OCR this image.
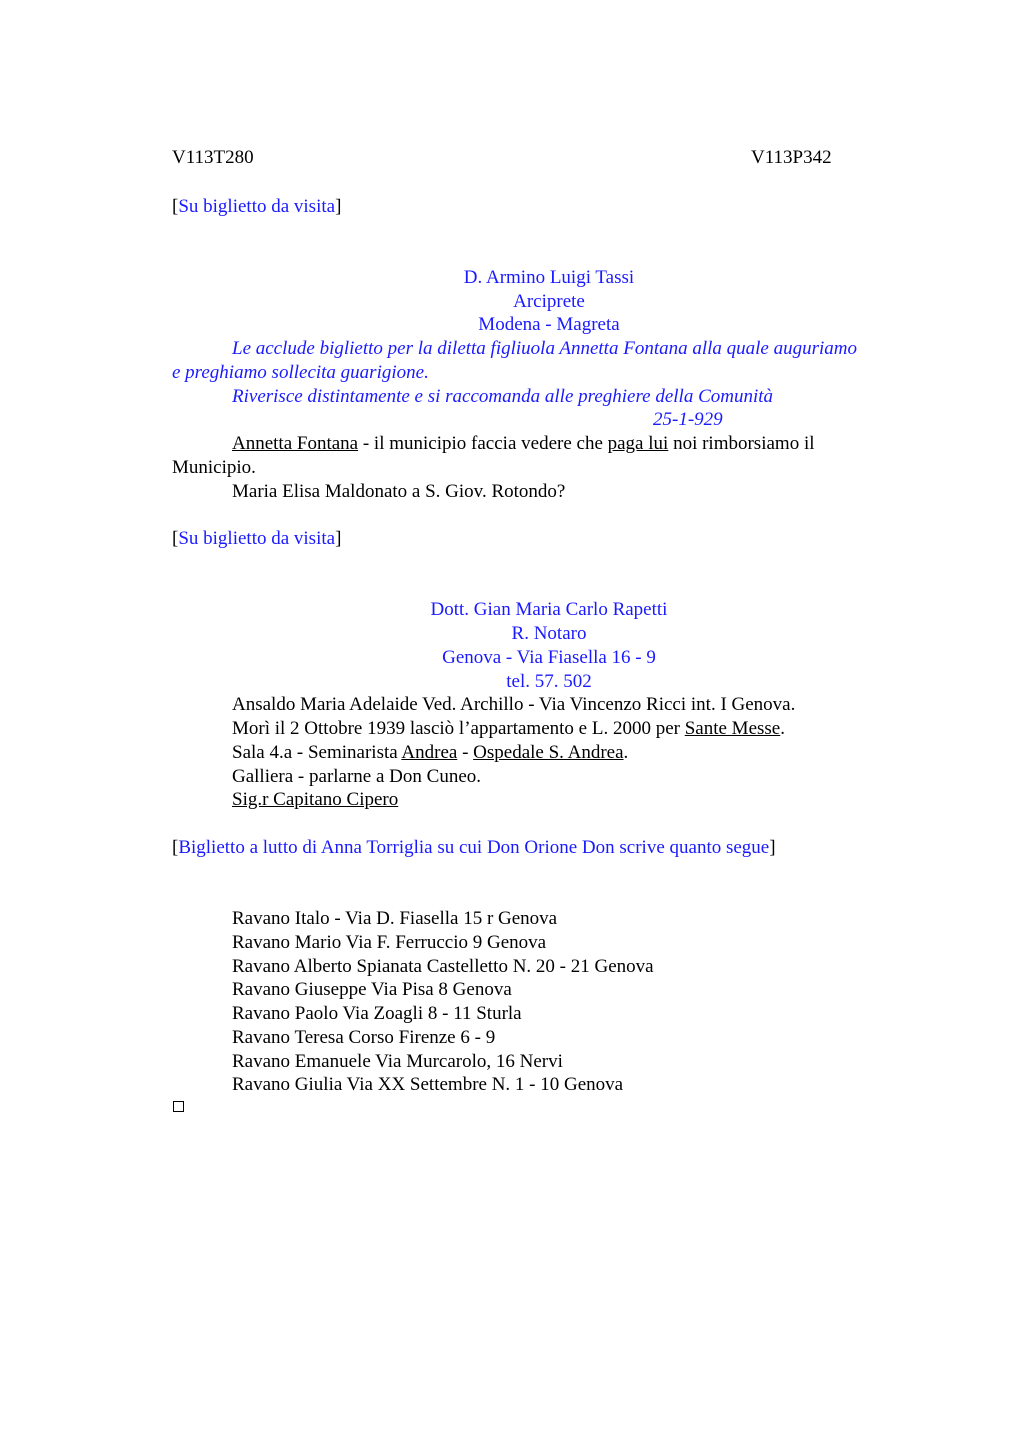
V113T280	V113P342
[Su biglietto da visita]
D. Armino Luigi Tassi
Arciprete
Modena - Magreta
Le acclude biglietto per la diletta figliuola Annetta Fontana alla quale auguriamo
e preghiamo sollecita guarigione.
Riverisce distintamente e si raccomanda alle preghiere della Comunità
25-1-929
Annetta Fontana - il municipio faccia vedere che paga lui noi rimborsiamo il
Municipio.
Maria Elisa Maldonato a S. Giov. Rotondo?
[Su biglietto da visita]
Dott. Gian Maria Carlo Rapetti
R. Notaro
Genova - Via Fiasella 16 - 9
tel. 57. 502
Ansaldo Maria Adelaide Ved. Archillo - Via Vincenzo Ricci int. I Genova.
Morì il 2 Ottobre 1939 lasciò l’appartamento e L. 2000 per Sante Messe.
Sala 4.a - Seminarista Andrea - Ospedale S. Andrea.
Galliera - parlarne a Don Cuneo.
Sig.r Capitano Cipero
[Biglietto a lutto di Anna Torriglia su cui Don Orione Don scrive quanto segue]
Ravano Italo - Via D. Fiasella 15 r Genova
Ravano Mario Via F. Ferruccio 9 Genova
Ravano Alberto Spianata Castelletto N. 20 - 21 Genova
Ravano Giuseppe Via Pisa 8 Genova
Ravano Paolo Via Zoagli 8 - 11 Sturla
Ravano Teresa Corso Firenze 6 - 9
Ravano Emanuele Via Murcarolo, 16 Nervi
Ravano Giulia Via XX Settembre N. 1 - 10 Genova
